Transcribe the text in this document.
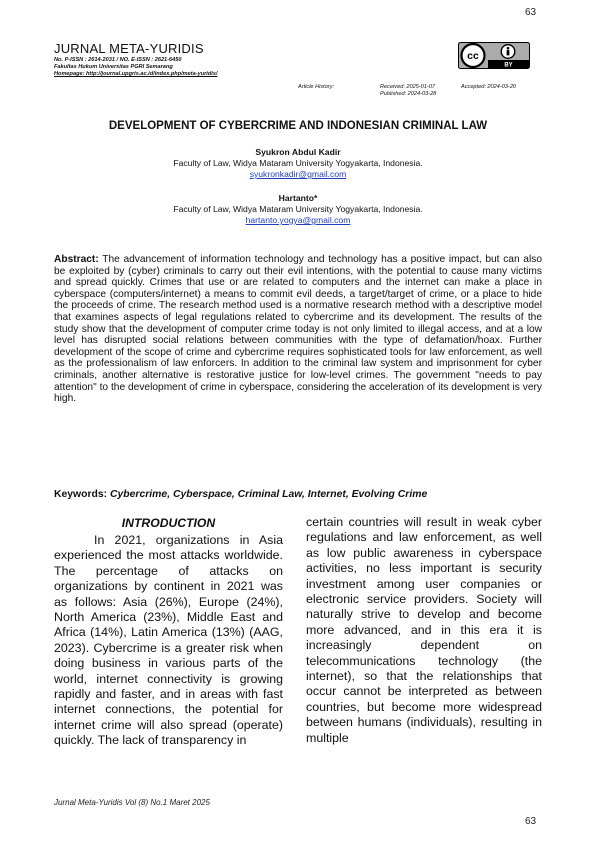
63
JURNAL META-YURIDIS
No. P-ISSN : 2614-2031 / NO. E-ISSN : 2621-6450
Fakultas Hukum Universitas PGRI Semarang
Homepage: http://journal.upgris.ac.id/index.php/meta-yuridis/
cc
BY
Article History:	Received: 2025-01-07	Accepted: 2024-03-20
Published: 2024-03-28
DEVELOPMENT OF CYBERCRIME AND INDONESIAN CRIMINAL LAW
Syukron Abdul Kadir
Faculty of Law, Widya Mataram University Yogyakarta, Indonesia.
syukronkadir@gmail.com
Hartanto*
Faculty of Law, Widya Mataram University Yogyakarta, Indonesia.
hartanto.yogya@gmail.com

Abstract: The advancement of information technology and technology has a positive impact, but can also be exploited by (cyber) criminals to carry out their evil intentions, with the potential to cause many victims and spread quickly. Crimes that use or are related to computers and the internet can make a place in cyberspace (computers/internet) a means to commit evil deeds, a target/target of crime, or a place to hide the proceeds of crime. The research method used is a normative research method with a descriptive model that examines aspects of legal regulations related to cybercrime and its development. The results of the study show that the development of computer crime today is not only limited to illegal access, and at a low level has disrupted social relations between communities with the type of defamation/hoax. Further development of the scope of crime and cybercrime requires sophisticated tools for law enforcement, as well as the professionalism of law enforcers. In addition to the criminal law system and imprisonment for cyber criminals, another alternative is restorative justice for low-level crimes. The government "needs to pay attention" to the development of crime in cyberspace, considering the acceleration of its development is very high.

Keywords: Cybercrime, Cyberspace, Criminal Law, Internet, Evolving Crime
INTRODUCTION

In 2021, organizations in Asia experienced the most attacks worldwide. The percentage of attacks on organizations by continent in 2021 was as follows: Asia (26%), Europe (24%), North America (23%), Middle East and Africa (14%), Latin America (13%) (AAG, 2023). Cybercrime is a greater risk when doing business in various parts of the world, internet connectivity is growing rapidly and faster, and in areas with fast internet connections, the potential for internet crime will also spread (operate) quickly. The lack of transparency in

certain countries will result in weak cyber regulations and law enforcement, as well as low public awareness in cyberspace activities, no less important is security investment among user companies or electronic service providers. Society will naturally strive to develop and become more advanced, and in this era it is increasingly dependent on telecommunications technology (the internet), so that the relationships that occur cannot be interpreted as between countries, but become more widespread between humans (individuals), resulting in multiple

Jurnal Meta-Yuridis Vol (8) No.1 Maret 2025
63
